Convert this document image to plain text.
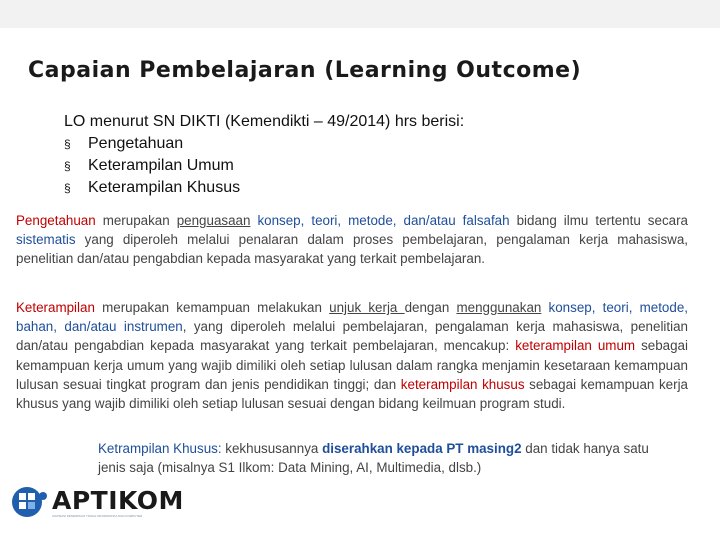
Capaian Pembelajaran (Learning Outcome)
LO menurut SN DIKTI (Kemendikti – 49/2014) hrs berisi:
§	Pengetahuan
§	Keterampilan Umum
§	Keterampilan Khusus
Pengetahuan merupakan penguasaan konsep, teori, metode, dan/atau falsafah bidang ilmu tertentu secara sistematis yang diperoleh melalui penalaran dalam proses pembelajaran, pengalaman kerja mahasiswa, penelitian dan/atau pengabdian kepada masyarakat yang terkait pembelajaran.
Keterampilan merupakan kemampuan melakukan unjuk kerja dengan menggunakan konsep, teori, metode, bahan, dan/atau instrumen, yang diperoleh melalui pembelajaran, pengalaman kerja mahasiswa, penelitian dan/atau pengabdian kepada masyarakat yang terkait pembelajaran, mencakup: keterampilan umum sebagai kemampuan kerja umum yang wajib dimiliki oleh setiap lulusan dalam rangka menjamin kesetaraan kemampuan lulusan sesuai tingkat program dan jenis pendidikan tinggi; dan keterampilan khusus sebagai kemampuan kerja khusus yang wajib dimiliki oleh setiap lulusan sesuai dengan bidang keilmuan program studi.
Ketrampilan Khusus: kekhususannya diserahkan kepada PT masing2 dan tidak hanya satu jenis saja (misalnya S1 Ilkom: Data Mining, AI, Multimedia, dlsb.)
APTIKOM
ASOSIASI PENDIDIKAN TINGGI INFORMATIKA DAN KOMPUTER
